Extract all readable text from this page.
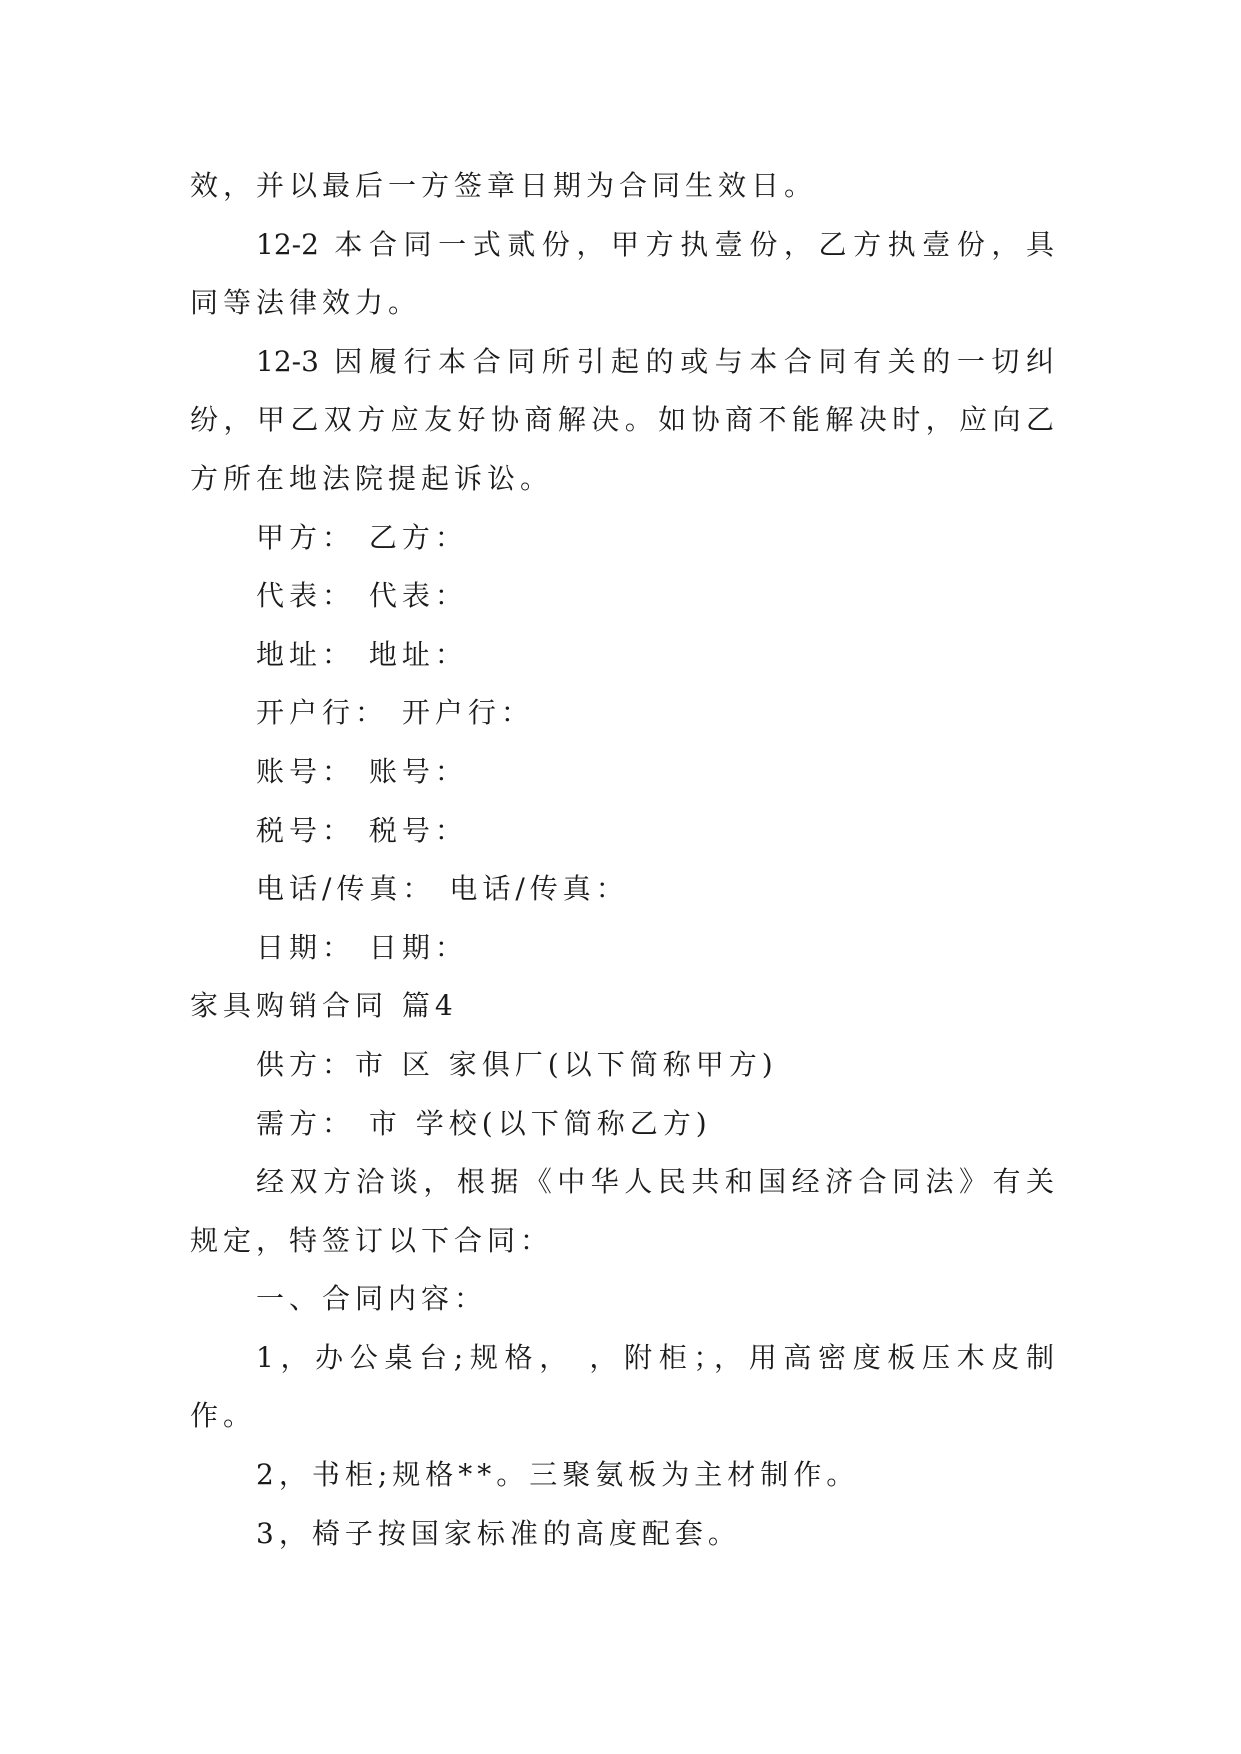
效，并以最后一方签章日期为合同生效日。
12-2 本合同一式贰份，甲方执壹份，乙方执壹份，具
同等法律效力。
12-3 因履行本合同所引起的或与本合同有关的一切纠
纷，甲乙双方应友好协商解决。如协商不能解决时，应向乙
方所在地法院提起诉讼。
甲方： 乙方：
代表： 代表：
地址： 地址：
开户行： 开户行：
账号： 账号：
税号： 税号：
电话/传真： 电话/传真：
日期： 日期：
家具购销合同 篇4
供方：市 区 家俱厂(以下简称甲方)
需方： 市 学校(以下简称乙方)
经双方洽谈，根据《中华人民共和国经济合同法》有关
规定，特签订以下合同：
一、合同内容：
1，办公桌台;规格， ，附柜；，用高密度板压木皮制
作。
2，书柜;规格**。三聚氨板为主材制作。
3，椅子按国家标准的高度配套。
